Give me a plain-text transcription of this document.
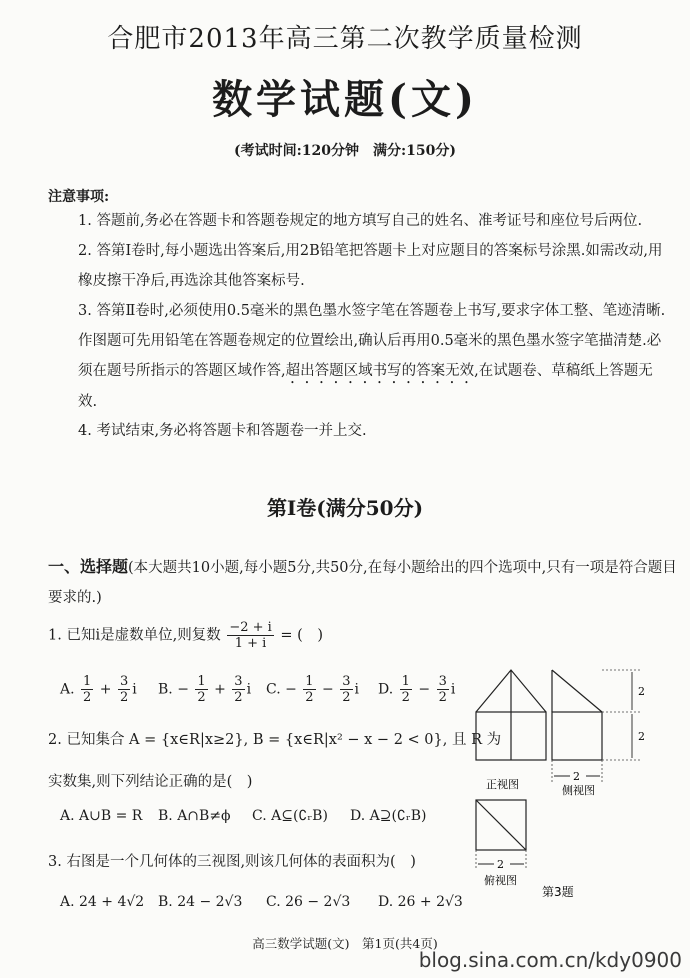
合肥市2013年高三第二次教学质量检测
数学试题(文)
(考试时间:120分钟　满分:150分)
注意事项:
1. 答题前,务必在答题卡和答题卷规定的地方填写自己的姓名、准考证号和座位号后两位.
2. 答第Ⅰ卷时,每小题选出答案后,用2B铅笔把答题卡上对应题目的答案标号涂黑.如需改动,用橡皮擦干净后,再选涂其他答案标号.
3. 答第Ⅱ卷时,必须使用0.5毫米的黑色墨水签字笔在答题卷上书写,要求字体工整、笔迹清晰.作图题可先用铅笔在答题卷规定的位置绘出,确认后再用0.5毫米的黑色墨水签字笔描清楚.必须在题号所指示的答题区域作答,超出答题区域书写的答案无效,在试题卷、草稿纸上答题无效.
4. 考试结束,务必将答题卡和答题卷一并上交.
第Ⅰ卷(满分50分)
一、选择题(本大题共10小题,每小题5分,共50分,在每小题给出的四个选项中,只有一项是符合题目要求的.)
1. 已知i是虚数单位,则复数 $\frac{-2 + i}{1 + i}$ = (　)
A. $\frac{1}{2} + \frac{3}{2}$ i B. − $\frac{1}{2} + \frac{3}{2}$ i C. − $\frac{1}{2} - \frac{3}{2}$ i D. $\frac{1}{2} - \frac{3}{2}$ i
2. 已知集合 A = {x∈R|x≥2}, B = {x∈R|x² − x − 2 < 0}, 且 R 为
实数集,则下列结论正确的是(　)
A. A∪B = R B. A∩B≠ϕ C. A⊆(∁ᵣB) D. A⊇(∁ᵣB)
3. 右图是一个几何体的三视图,则该几何体的表面积为(　)
A. 24 + 4√2 B. 24 − 2√3 C. 26 − 2√3 D. 26 + 2√3
2
2
2
2
正视图	侧视图
俯视图
第3题
高三数学试题(文)　第1页(共4页)
blog.sina.com.cn/kdy0900
